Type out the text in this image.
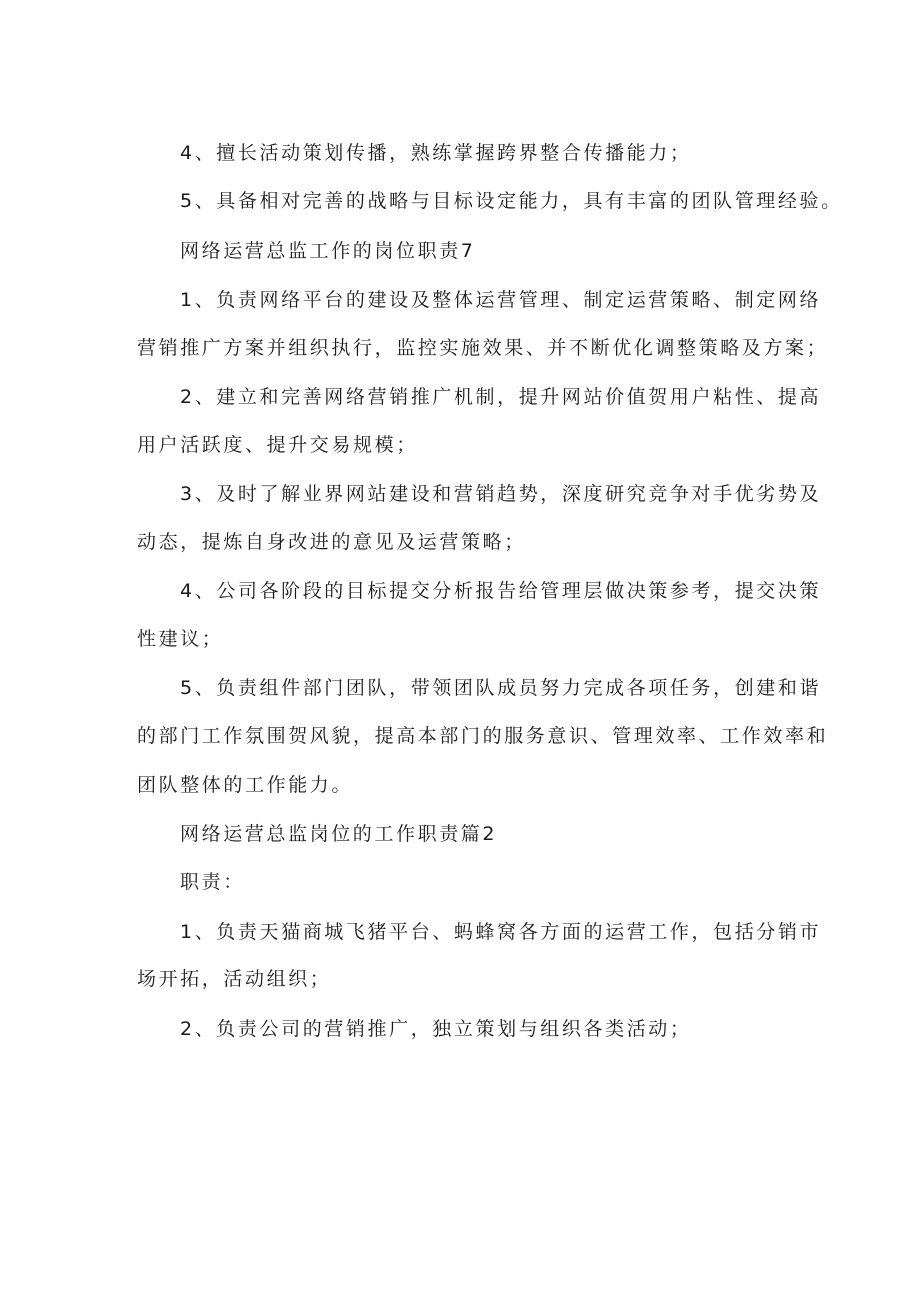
4、擅长活动策划传播，熟练掌握跨界整合传播能力；
5、具备相对完善的战略与目标设定能力，具有丰富的团队管理经验。
网络运营总监工作的岗位职责7
1、负责网络平台的建设及整体运营管理、制定运营策略、制定网络
营销推广方案并组织执行，监控实施效果、并不断优化调整策略及方案；
2、建立和完善网络营销推广机制，提升网站价值贺用户粘性、提高
用户活跃度、提升交易规模；
3、及时了解业界网站建设和营销趋势，深度研究竞争对手优劣势及
动态，提炼自身改进的意见及运营策略；
4、公司各阶段的目标提交分析报告给管理层做决策参考，提交决策
性建议；
5、负责组件部门团队，带领团队成员努力完成各项任务，创建和谐
的部门工作氛围贺风貌，提高本部门的服务意识、管理效率、工作效率和
团队整体的工作能力。
网络运营总监岗位的工作职责篇2
职责：
1、负责天猫商城飞猪平台、蚂蜂窝各方面的运营工作，包括分销市
场开拓，活动组织；
2、负责公司的营销推广，独立策划与组织各类活动；
